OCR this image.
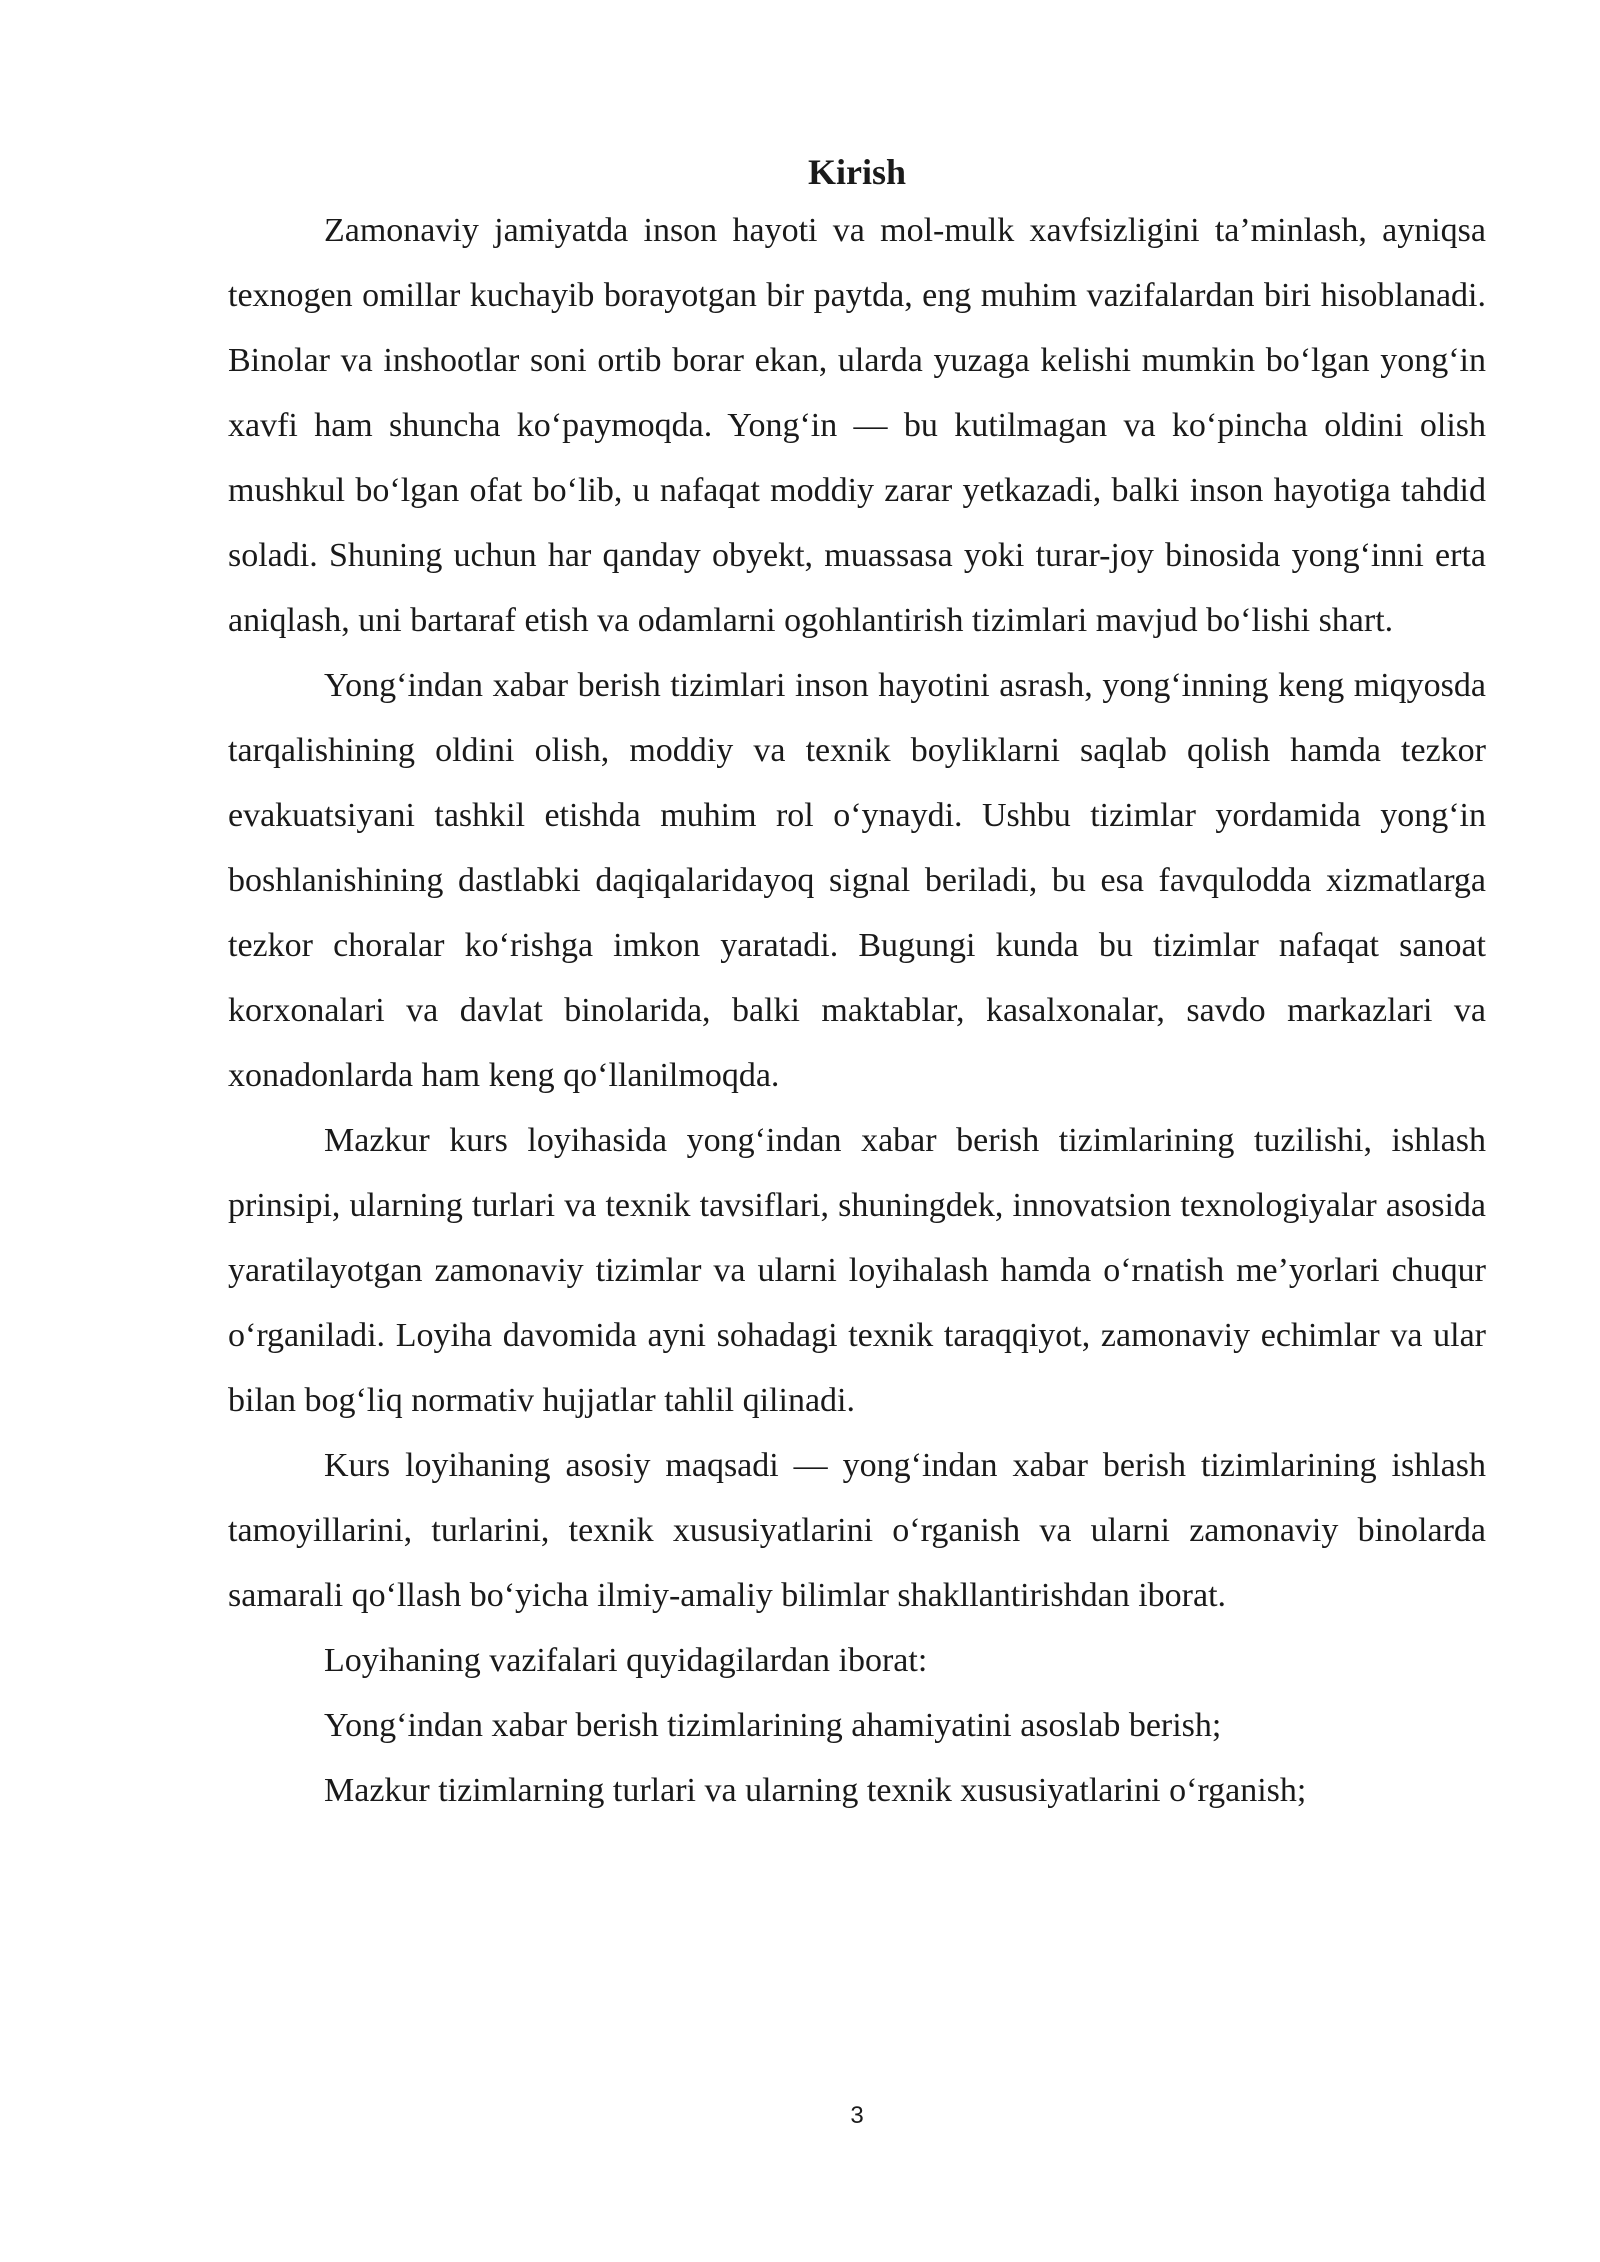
Kirish

Zamonaviy jamiyatda inson hayoti va mol-mulk xavfsizligini ta’minlash, ayniqsa texnogen omillar kuchayib borayotgan bir paytda, eng muhim vazifalardan biri hisoblanadi. Binolar va inshootlar soni ortib borar ekan, ularda yuzaga kelishi mumkin bo‘lgan yong‘in xavfi ham shuncha ko‘paymoqda. Yong‘in — bu kutilmagan va ko‘pincha oldini olish mushkul bo‘lgan ofat bo‘lib, u nafaqat moddiy zarar yetkazadi, balki inson hayotiga tahdid soladi. Shuning uchun har qanday obyekt, muassasa yoki turar-joy binosida yong‘inni erta aniqlash, uni bartaraf etish va odamlarni ogohlantirish tizimlari mavjud bo‘lishi shart.

Yong‘indan xabar berish tizimlari inson hayotini asrash, yong‘inning keng miqyosda tarqalishining oldini olish, moddiy va texnik boyliklarni saqlab qolish hamda tezkor evakuatsiyani tashkil etishda muhim rol o‘ynaydi. Ushbu tizimlar yordamida yong‘in boshlanishining dastlabki daqiqalaridayoq signal beriladi, bu esa favqulodda xizmatlarga tezkor choralar ko‘rishga imkon yaratadi. Bugungi kunda bu tizimlar nafaqat sanoat korxonalari va davlat binolarida, balki maktablar, kasalxonalar, savdo markazlari va xonadonlarda ham keng qo‘llanilmoqda.

Mazkur kurs loyihasida yong‘indan xabar berish tizimlarining tuzilishi, ishlash prinsipi, ularning turlari va texnik tavsiflari, shuningdek, innovatsion texnologiyalar asosida yaratilayotgan zamonaviy tizimlar va ularni loyihalash hamda o‘rnatish me’yorlari chuqur o‘rganiladi. Loyiha davomida ayni sohadagi texnik taraqqiyot, zamonaviy echimlar va ular bilan bog‘liq normativ hujjatlar tahlil qilinadi.

Kurs loyihaning asosiy maqsadi — yong‘indan xabar berish tizimlarining ishlash tamoyillarini, turlarini, texnik xususiyatlarini o‘rganish va ularni zamonaviy binolarda samarali qo‘llash bo‘yicha ilmiy-amaliy bilimlar shakllantirishdan iborat.

Loyihaning vazifalari quyidagilardan iborat:

Yong‘indan xabar berish tizimlarining ahamiyatini asoslab berish;

Mazkur tizimlarning turlari va ularning texnik xususiyatlarini o‘rganish;

3
